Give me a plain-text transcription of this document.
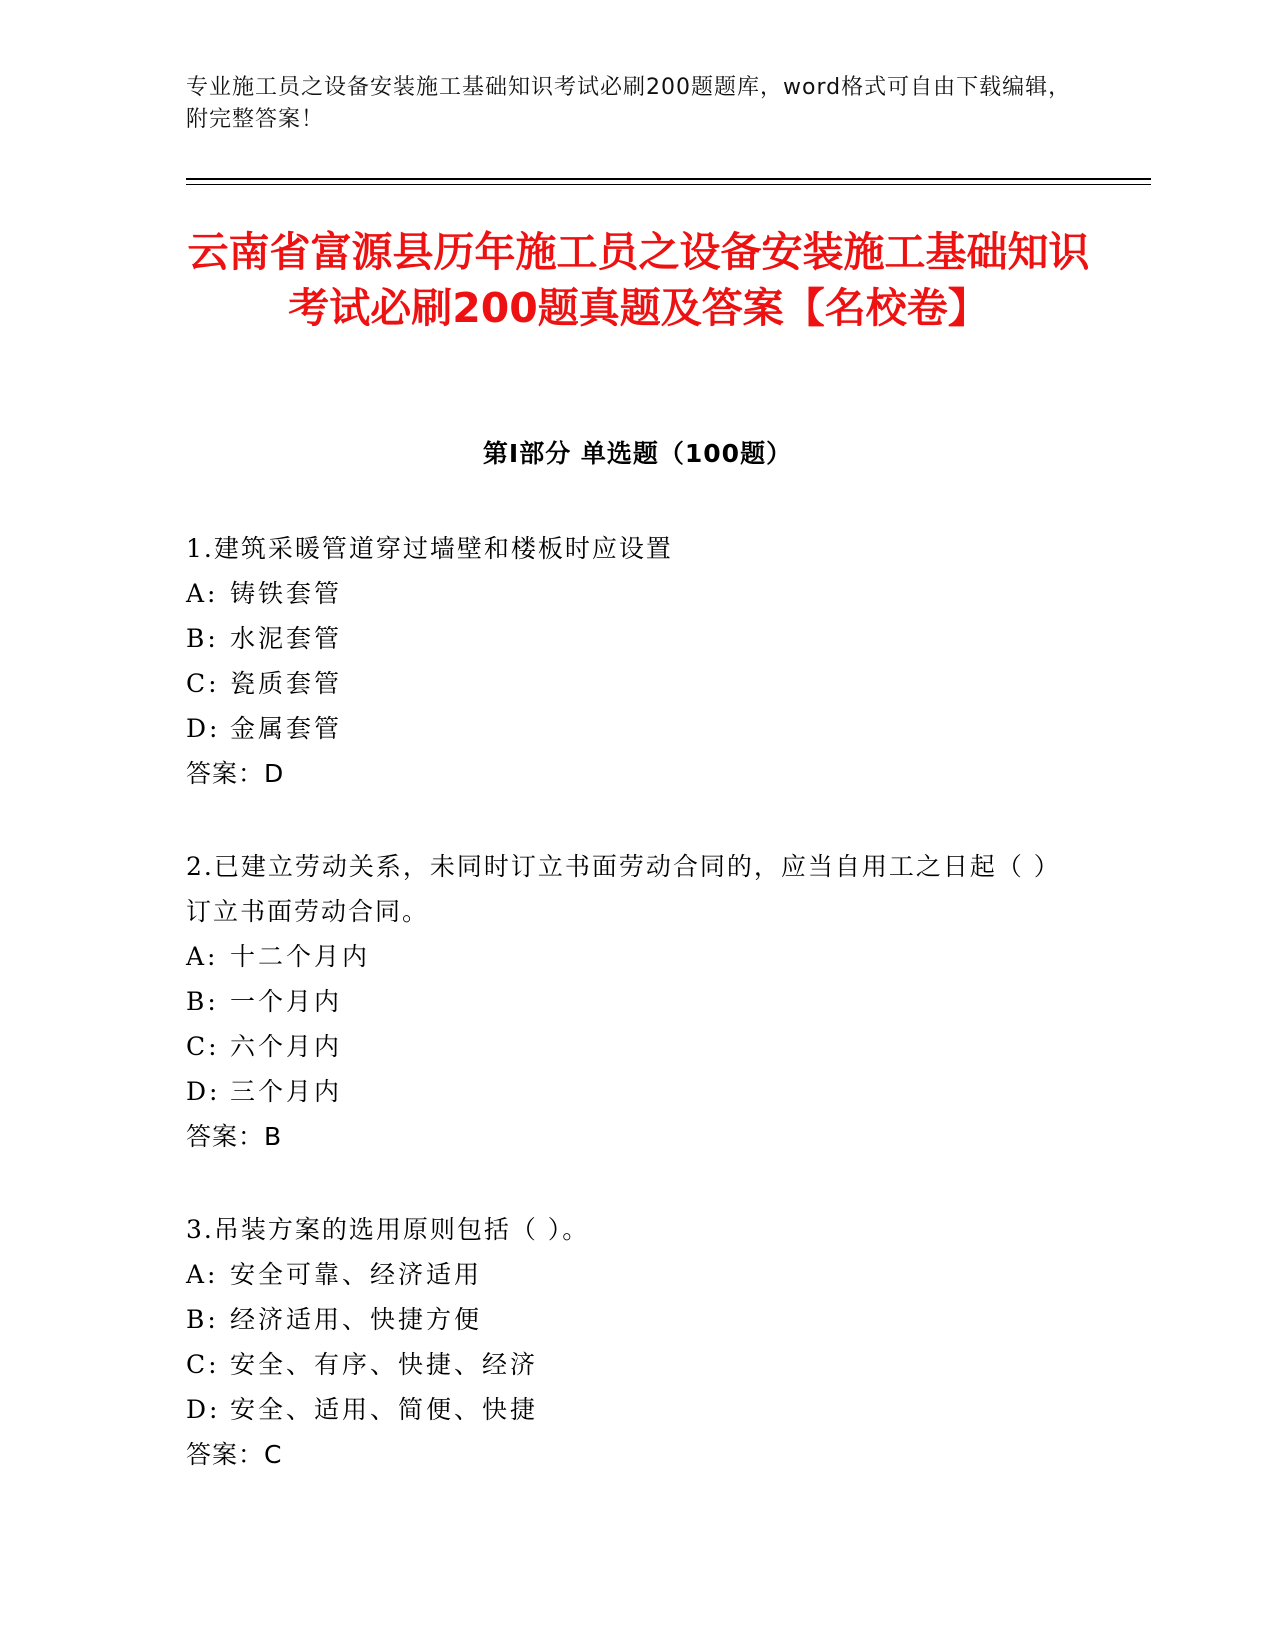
专业施工员之设备安装施工基础知识考试必刷200题题库，word格式可自由下载编辑，附完整答案！
云南省富源县历年施工员之设备安装施工基础知识考试必刷200题真题及答案【名校卷】
第Ⅰ部分 单选题（100题）

1.建筑采暖管道穿过墙壁和楼板时应设置

A: 铸铁套管
B: 水泥套管
C: 瓷质套管
D: 金属套管
答案：D

2.已建立劳动关系，未同时订立书面劳动合同的，应当自用工之日起（ ）订立书面劳动合同。

A: 十二个月内
B: 一个月内
C: 六个月内
D: 三个月内
答案：B

3.吊装方案的选用原则包括（ ）。

A: 安全可靠、经济适用
B: 经济适用、快捷方便
C: 安全、有序、快捷、经济
D: 安全、适用、简便、快捷
答案：C
